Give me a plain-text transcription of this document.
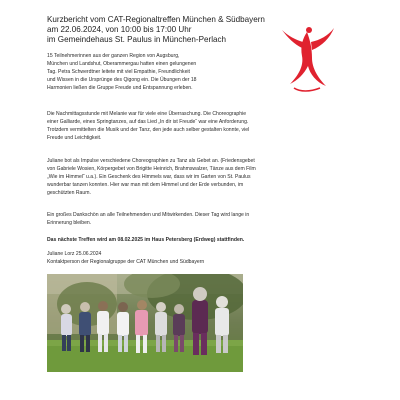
Kurzbericht vom CAT-Regionaltreffen München & Südbayern
am 22.06.2024, von 10:00 bis 17:00 Uhr
im Gemeindehaus St. Paulus in München-Perlach
15 Teilnehmerinnen aus der ganzen Region von Augsburg,
München und Landshut, Oberammergau hatten einen gelungenen
Tag. Petra Schwerdtner leitete mit viel Empathie, Freundlichkeit
und Wissen in die Ursprünge des Qigong ein. Die Übungen der 18
Harmonien ließen die Gruppe Freude und Entspannung erleben.
Die Nachmittagsstunde mit Melanie war für viele eine Überraschung. Die Choreographie
einer Galliarde, eines Springtanzes, auf das Lied „In dir ist Freude“ war eine Anforderung.
Trotzdem vermittelten die Musik und der Tanz, den jede auch selber gestalten konnte, viel
Freude und Leichtigkeit.
Juliane bot als Impulse verschiedene Choreographien zu Tanz als Gebet an. (Friedensgebet
von Gabriele Wosien, Körpergebet von Brigitte Heinrich, Brahmswalzer, Tänze aus dem Film
„Wie im Himmel“ u.a.). Ein Geschenk des Himmels war, dass wir im Garten von St. Paulus
wunderbar tanzen konnten. Hier war man mit dem Himmel und der Erde verbunden, im
geschützten Raum.
Ein großes Dankschön an alle Teilnehmenden und Mitwirkenden. Dieser Tag wird lange in
Erinnerung bleiben.
Das nächste Treffen wird am 08.02.2025 im Haus Petersberg (Erdweg) stattfinden.
Juliane Lorz 25.06.2024
Kontaktperson der Regionalgruppe der CAT München und Südbayern
